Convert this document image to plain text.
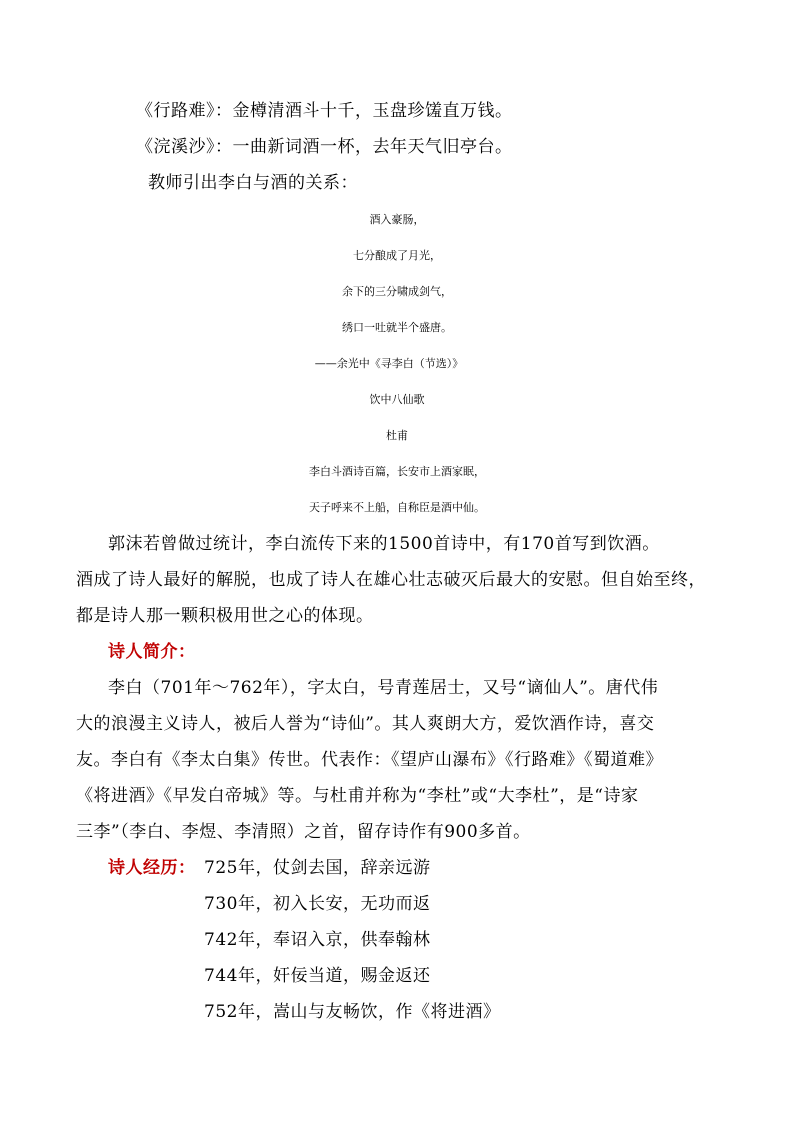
《行路难》：金樽清酒斗十千，玉盘珍馐直万钱。
《浣溪沙》：一曲新词酒一杯，去年天气旧亭台。
教师引出李白与酒的关系：
酒入豪肠，
七分酿成了月光，
余下的三分啸成剑气，
绣口一吐就半个盛唐。
——余光中《寻李白（节选）》
饮中八仙歌
杜甫
李白斗酒诗百篇，长安市上酒家眠，
天子呼来不上船，自称臣是酒中仙。
郭沫若曾做过统计，李白流传下来的1500首诗中，有170首写到饮酒。
酒成了诗人最好的解脱，也成了诗人在雄心壮志破灭后最大的安慰。但自始至终，
都是诗人那一颗积极用世之心的体现。
诗人简介：
李白（701年～762年），字太白，号青莲居士，又号“谪仙人”。唐代伟
大的浪漫主义诗人，被后人誉为“诗仙”。其人爽朗大方，爱饮酒作诗，喜交
友。李白有《李太白集》传世。代表作：《望庐山瀑布》《行路难》《蜀道难》
《将进酒》《早发白帝城》等。与杜甫并称为“李杜”或“大李杜”，是“诗家
三李”（李白、李煜、李清照）之首，留存诗作有900多首。
诗人经历： 725年，仗剑去国，辞亲远游
730年，初入长安，无功而返
742年，奉诏入京，供奉翰林
744年，奸佞当道，赐金返还
752年，嵩山与友畅饮，作《将进酒》
